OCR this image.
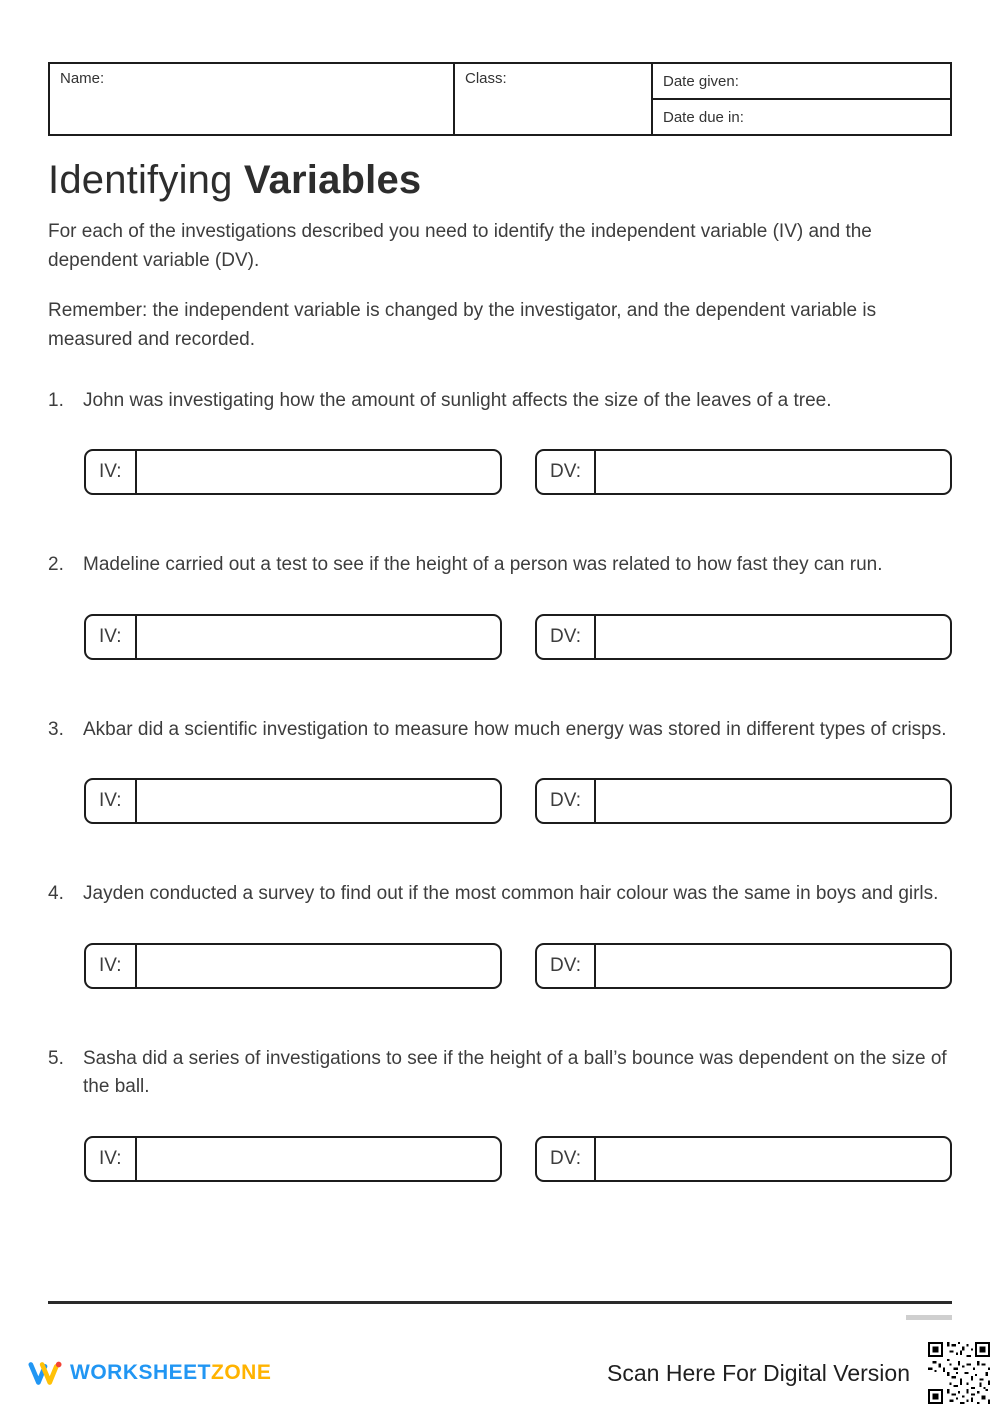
Name:	Class:	Date given:
Date due in:
Identifying Variables

For each of the investigations described you need to identify the independent variable (IV) and the dependent variable (DV).

Remember: the independent variable is changed by the investigator, and the dependent variable is measured and recorded.

1. John was investigating how the amount of sunlight affects the size of the leaves of a tree.
IV:	DV:
2. Madeline carried out a test to see if the height of a person was related to how fast they can run.
IV:	DV:
3. Akbar did a scientific investigation to measure how much energy was stored in different types of crisps.
IV:	DV:
4. Jayden conducted a survey to find out if the most common hair colour was the same in boys and girls.
IV:	DV:
5. Sasha did a series of investigations to see if the height of a ball’s bounce was dependent on the size of the ball.
IV:	DV:
WORKSHEETZONE	Scan Here For Digital Version
